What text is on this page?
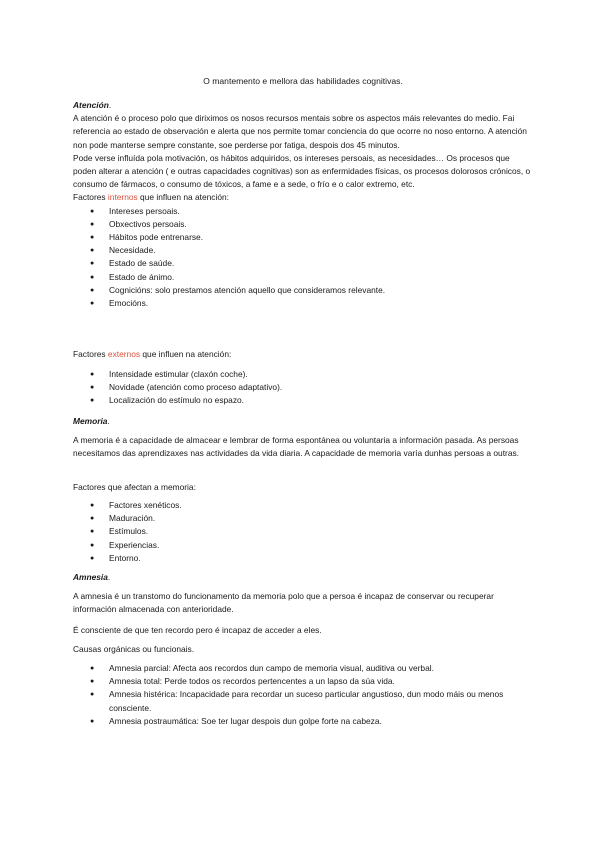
O mantemento e mellora das habilidades cognitivas.

Atención.

A atención é o proceso polo que diriximos os nosos recursos mentais sobre os aspectos máis relevantes do medio. Fai referencia ao estado de observación e alerta que nos permite tomar conciencia do que ocorre no noso entorno. A atención non pode manterse sempre constante, soe perderse por fatiga, despois dos 45 minutos.

Pode verse influída pola motivación, os hábitos adquiridos, os intereses persoais, as necesidades… Os procesos que poden alterar a atención ( e outras capacidades cognitivas) son as enfermidades físicas, os procesos dolorosos crónicos, o consumo de fármacos, o consumo de tóxicos, a fame e a sede, o frío e o calor extremo, etc.

Factores internos que influen na atención:

● Intereses persoais.
● Obxectivos persoais.
● Hábitos pode entrenarse.
● Necesidade.
● Estado de saúde.
● Estado de ánimo.
● Cognicións: solo prestamos atención aquello que consideramos relevante.
● Emocións.

Factores externos que influen na atención:

● Intensidade estimular (claxón coche).
● Novidade (atención como proceso adaptativo).
● Localización do estímulo no espazo.

Memoria.

A memoria é a capacidade de almacear e lembrar de forma espontánea ou voluntaria a información pasada. As persoas necesitamos das aprendizaxes nas actividades da vida diaria. A capacidade de memoria varía dunhas persoas a outras.

Factores que afectan a memoria:

● Factores xenéticos.
● Maduración.
● Estímulos.
● Experiencias.
● Entorno.

Amnesia.

A amnesia é un transtomo do funcionamento da memoria polo que a persoa é incapaz de conservar ou recuperar información almacenada con anterioridade.

É consciente de que ten recordo pero é incapaz de acceder a eles.

Causas orgánicas ou funcionais.

● Amnesia parcial: Afecta aos recordos dun campo de memoria visual, auditiva ou verbal.
● Amnesia total: Perde todos os recordos pertencentes a un lapso da súa vida.
● Amnesia histérica: Incapacidade para recordar un suceso particular angustioso, dun modo máis ou menos consciente.
● Amnesia postraumática: Soe ter lugar despois dun golpe forte na cabeza.
